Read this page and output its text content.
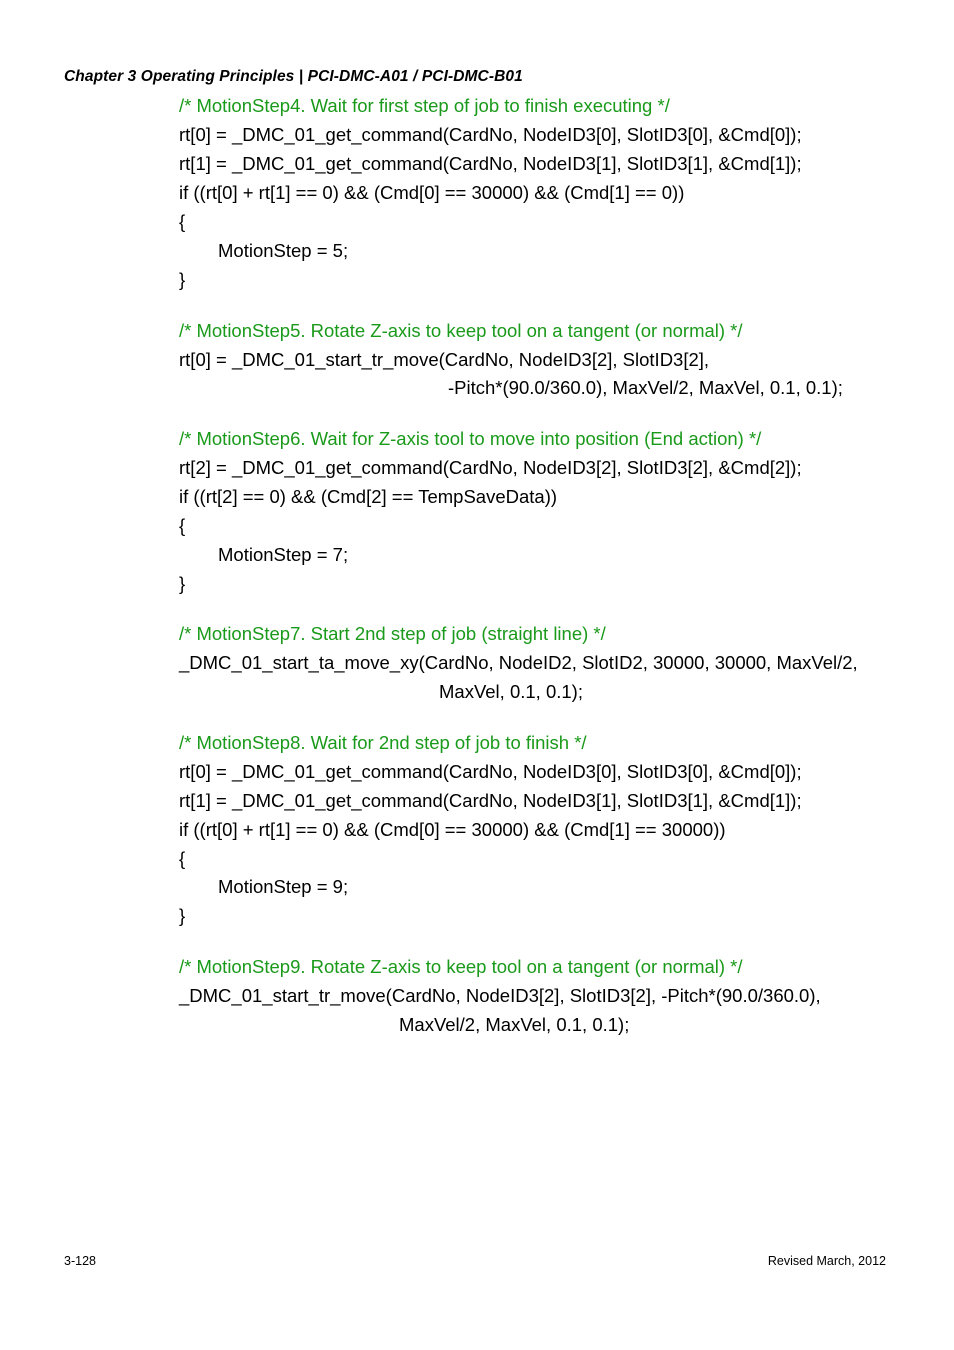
Chapter 3 Operating Principles | PCI-DMC-A01 / PCI-DMC-B01
/* MotionStep4. Wait for first step of job to finish executing */
rt[0] = _DMC_01_get_command(CardNo, NodeID3[0], SlotID3[0], &Cmd[0]);
rt[1] = _DMC_01_get_command(CardNo, NodeID3[1], SlotID3[1], &Cmd[1]);
if ((rt[0] + rt[1] == 0) && (Cmd[0] == 30000) && (Cmd[1] == 0))
{
MotionStep = 5;
}
/* MotionStep5. Rotate Z-axis to keep tool on a tangent (or normal) */
rt[0] = _DMC_01_start_tr_move(CardNo, NodeID3[2], SlotID3[2],
-Pitch*(90.0/360.0), MaxVel/2, MaxVel, 0.1, 0.1);
/* MotionStep6. Wait for Z-axis tool to move into position (End action) */
rt[2] = _DMC_01_get_command(CardNo, NodeID3[2], SlotID3[2], &Cmd[2]);
if ((rt[2] == 0) && (Cmd[2] == TempSaveData))
{
MotionStep = 7;
}
/* MotionStep7. Start 2nd step of job (straight line) */
_DMC_01_start_ta_move_xy(CardNo, NodeID2, SlotID2, 30000, 30000, MaxVel/2,
MaxVel, 0.1, 0.1);
/* MotionStep8. Wait for 2nd step of job to finish */
rt[0] = _DMC_01_get_command(CardNo, NodeID3[0], SlotID3[0], &Cmd[0]);
rt[1] = _DMC_01_get_command(CardNo, NodeID3[1], SlotID3[1], &Cmd[1]);
if ((rt[0] + rt[1] == 0) && (Cmd[0] == 30000) && (Cmd[1] == 30000))
{
MotionStep = 9;
}
/* MotionStep9. Rotate Z-axis to keep tool on a tangent (or normal) */
_DMC_01_start_tr_move(CardNo, NodeID3[2], SlotID3[2], -Pitch*(90.0/360.0),
MaxVel/2, MaxVel, 0.1, 0.1);
3-128	Revised March, 2012
